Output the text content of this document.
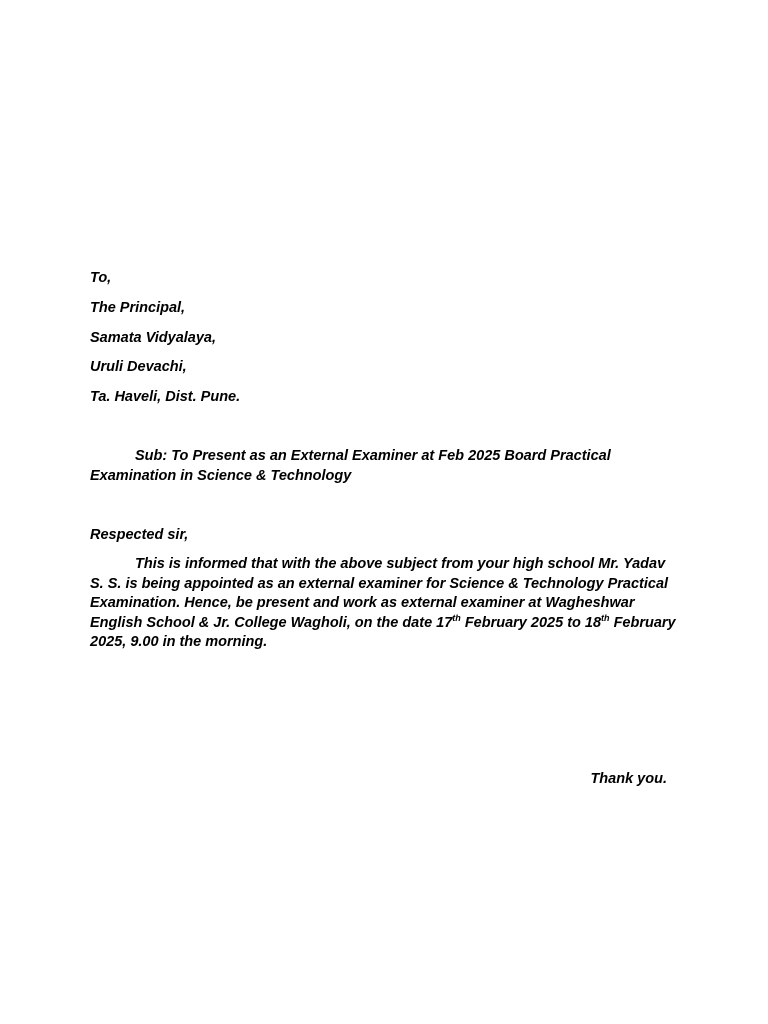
To,
The Principal,
Samata Vidyalaya,
Uruli Devachi,
Ta. Haveli, Dist. Pune.
Sub: To Present as an External Examiner at Feb 2025 Board Practical Examination in Science & Technology
Respected sir,
This is informed that with the above subject from your high school Mr. Yadav S. S. is being appointed as an external examiner for Science & Technology Practical Examination. Hence, be present and work as external examiner at Wagheshwar English School & Jr. College Wagholi, on the date 17th February 2025 to 18th February 2025, 9.00 in the morning.
Thank you.
